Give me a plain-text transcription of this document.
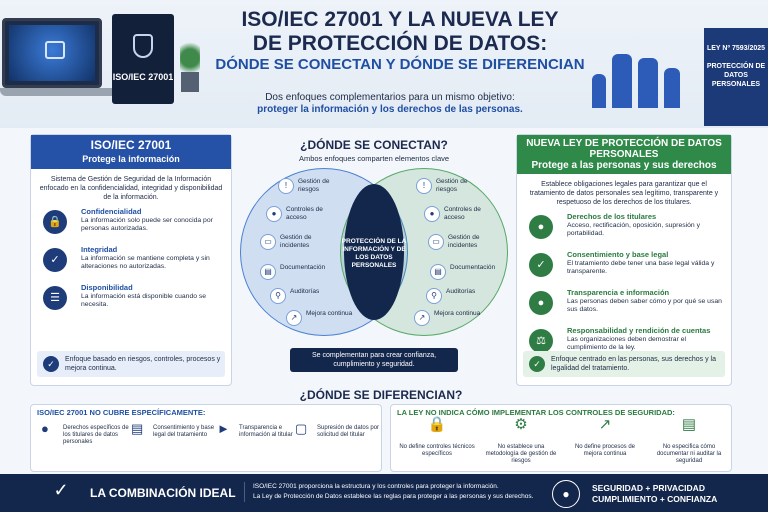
ISO/IEC 27001
ISO/IEC 27001 Y LA NUEVA LEY
DE PROTECCIÓN DE DATOS:
DÓNDE SE CONECTAN Y DÓNDE SE DIFERENCIAN
Dos enfoques complementarios para un mismo objetivo:
proteger la información y los derechos de las personas.
LEY Nº 7593/2025

PROTECCIÓN DE DATOS PERSONALES
ISO/IEC 27001
Protege la información
Sistema de Gestión de Seguridad de la Información enfocado en la confidencialidad, integridad y disponibilidad de la información.
🔒
Confidencialidad
La información solo puede ser conocida por personas autorizadas.
✓
Integridad
La información se mantiene completa y sin alteraciones no autorizadas.
☰
Disponibilidad
La información está disponible cuando se necesita.
✓	Enfoque basado en riesgos, controles, procesos y mejora continua.
¿DÓNDE SE CONECTAN?
Ambos enfoques comparten elementos clave
PROTECCIÓN DE LA INFORMACIÓN Y DE LOS DATOS PERSONALES
!	Gestión de riesgos
●	Controles de acceso
▭	Gestión de incidentes
▤	Documentación
⚲	Auditorías
↗	Mejora continua
!	Gestión de riesgos
●	Controles de acceso
▭	Gestión de incidentes
▤	Documentación
⚲	Auditorías
↗	Mejora continua
Se complementan para crear confianza, cumplimiento y seguridad.
NUEVA LEY DE PROTECCIÓN DE DATOS PERSONALES
Protege a las personas y sus derechos
Establece obligaciones legales para garantizar que el tratamiento de datos personales sea legítimo, transparente y respetuoso de los derechos de los titulares.
●
Derechos de los titulares
Acceso, rectificación, oposición, supresión y portabilidad.
✓
Consentimiento y base legal
El tratamiento debe tener una base legal válida y transparente.
●
Transparencia e información
Las personas deben saber cómo y por qué se usan sus datos.
⚖
Responsabilidad y rendición de cuentas
Las organizaciones deben demostrar el cumplimiento de la ley.
✓	Enfoque centrado en las personas, sus derechos y la legalidad del tratamiento.
¿DÓNDE SE DIFERENCIAN?
ISO/IEC 27001 NO CUBRE ESPECÍFICAMENTE:
●	Derechos específicos de los titulares de datos personales
▤	Consentimiento y base legal del tratamiento ►	Transparencia e información al titular ▢	Supresión de datos por solicitud del titular
LA LEY NO INDICA CÓMO IMPLEMENTAR LOS CONTROLES DE SEGURIDAD:
🔒
No define controles técnicos específicos
⚙
No establece una metodología de gestión de riesgos
↗
No define procesos de mejora continua
▤
No especifica cómo documentar ni auditar la seguridad
✓	LA COMBINACIÓN IDEAL	ISO/IEC 27001 proporciona la estructura y los controles para proteger la información.
La Ley de Protección de Datos establece las reglas para proteger a las personas y sus derechos.	●	SEGURIDAD + PRIVACIDAD
CUMPLIMIENTO + CONFIANZA
